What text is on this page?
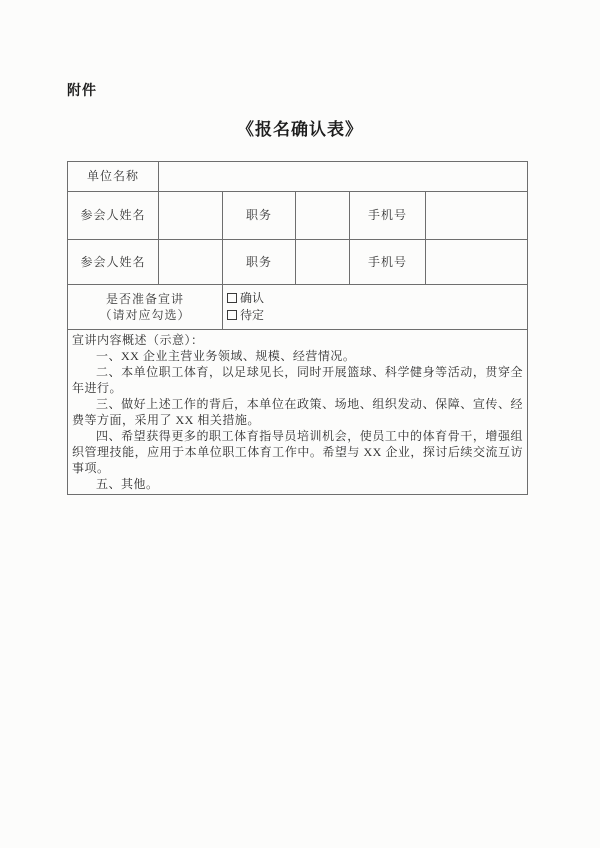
附件
《报名确认表》
单位名称					
参会人姓名		职务		手机号	
参会人姓名		职务		手机号	

是否准备宣讲
（请对应勾选）

确认
待定

宣讲内容概述（示意）：

一、XX 企业主营业务领域、规模、经营情况。

二、本单位职工体育，以足球见长，同时开展篮球、科学健身等活动，贯穿全年进行。

三、做好上述工作的背后，本单位在政策、场地、组织发动、保障、宣传、经费等方面，采用了 XX 相关措施。

四、希望获得更多的职工体育指导员培训机会，使员工中的体育骨干，增强组织管理技能，应用于本单位职工体育工作中。希望与 XX 企业，探讨后续交流互访事项。

五、其他。
